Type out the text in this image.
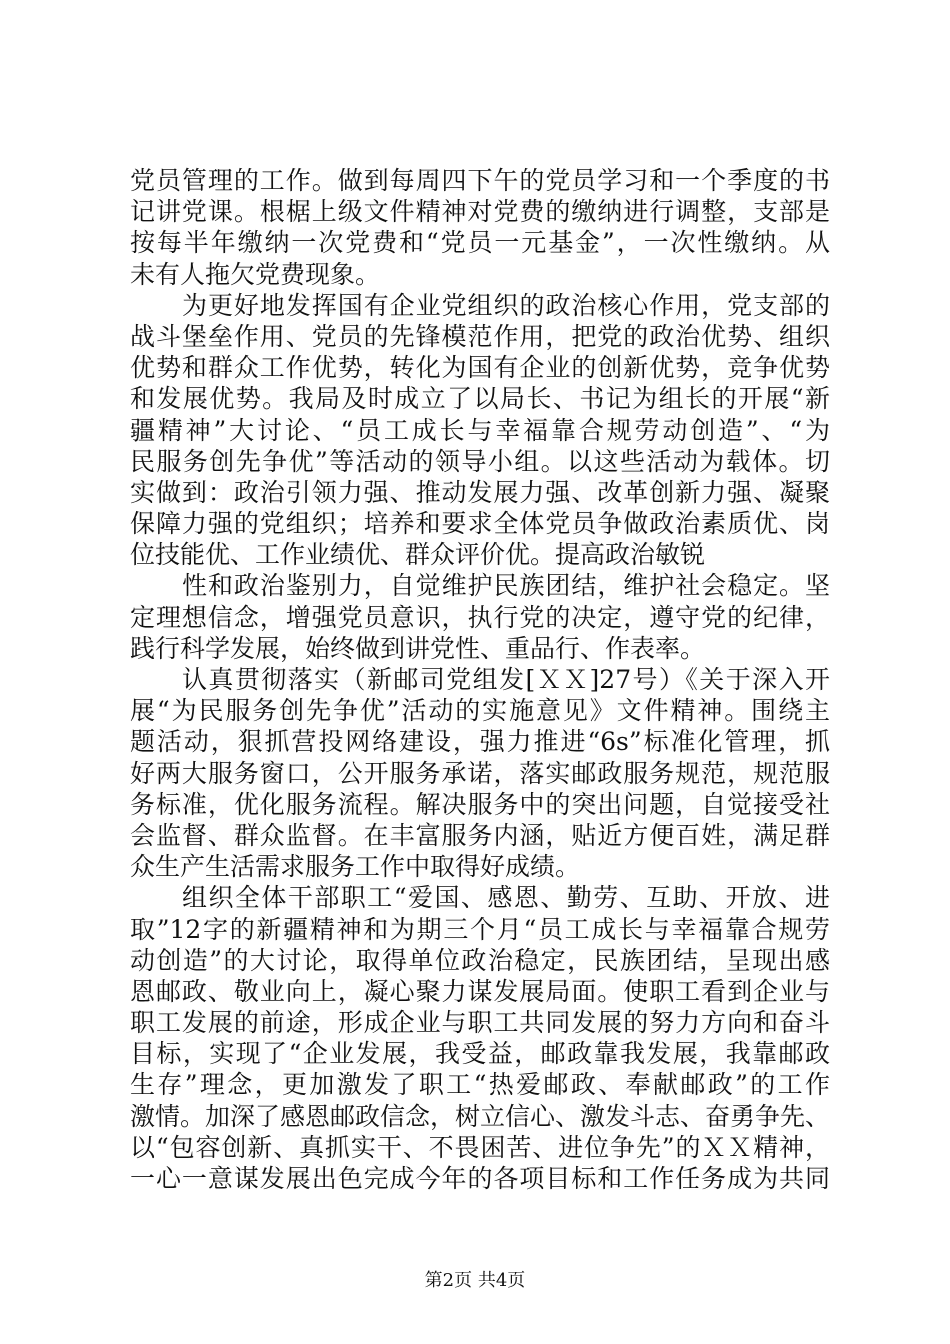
党员管理的工作。做到每周四下午的党员学习和一个季度的书
记讲党课。根椐上级文件精神对党费的缴纳进行调整，支部是
按每半年缴纳一次党费和“党员一元基金”，一次性缴纳。从
未有人拖欠党费现象。
为更好地发挥国有企业党组织的政治核心作用，党支部的
战斗堡垒作用、党员的先锋模范作用，把党的政治优势、组织
优势和群众工作优势，转化为国有企业的创新优势，竞争优势
和发展优势。我局及时成立了以局长、书记为组长的开展“新
疆精神”大讨论、“员工成长与幸福靠合规劳动创造”、“为
民服务创先争优”等活动的领导小组。以这些活动为载体。切
实做到：政治引领力强、推动发展力强、改革创新力强、凝聚
保障力强的党组织；培养和要求全体党员争做政治素质优、岗
位技能优、工作业绩优、群众评价优。提高政治敏锐
性和政治鉴别力，自觉维护民族团结，维护社会稳定。坚
定理想信念，增强党员意识，执行党的决定，遵守党的纪律，
践行科学发展，始终做到讲党性、重品行、作表率。
认真贯彻落实（新邮司党组发[ＸＸ]27号）《关于深入开
展“为民服务创先争优”活动的实施意见》文件精神。围绕主
题活动，狠抓营投网络建设，强力推进“6s”标准化管理，抓
好两大服务窗口，公开服务承诺，落实邮政服务规范，规范服
务标准，优化服务流程。解决服务中的突出问题，自觉接受社
会监督、群众监督。在丰富服务内涵，贴近方便百姓，满足群
众生产生活需求服务工作中取得好成绩。
组织全体干部职工“爱国、感恩、勤劳、互助、开放、进
取”12字的新疆精神和为期三个月“员工成长与幸福靠合规劳
动创造”的大讨论，取得单位政治稳定，民族团结，呈现出感
恩邮政、敬业向上，凝心聚力谋发展局面。使职工看到企业与
职工发展的前途，形成企业与职工共同发展的努力方向和奋斗
目标，实现了“企业发展，我受益，邮政靠我发展，我靠邮政
生存”理念，更加激发了职工“热爱邮政、奉献邮政”的工作
激情。加深了感恩邮政信念，树立信心、激发斗志、奋勇争先、
以“包容创新、真抓实干、不畏困苦、进位争先”的ＸＸ精神，
一心一意谋发展出色完成今年的各项目标和工作任务成为共同
第2页 共4页
